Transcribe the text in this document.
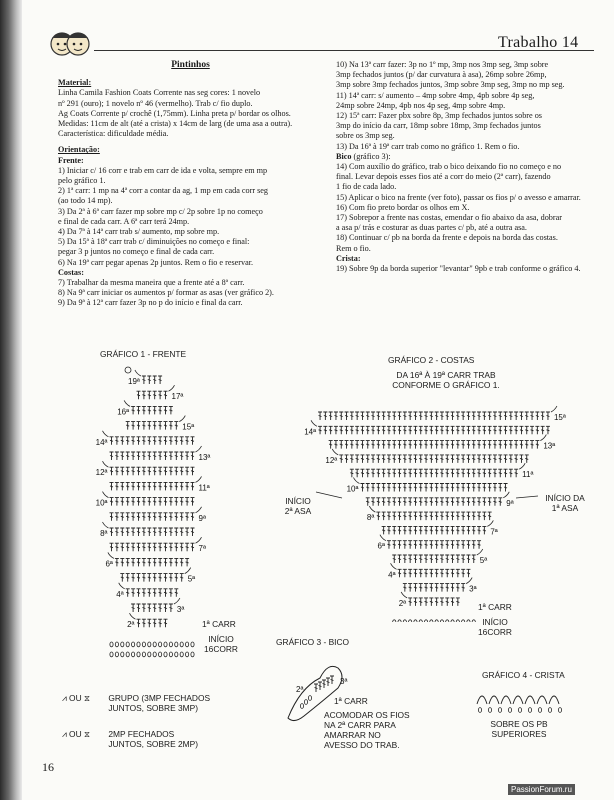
Trabalho 14

Pintinhos

Material:

Linha Camila Fashion Coats Corrente nas seg cores: 1 novelo

nº 291 (ouro); 1 novelo nº 46 (vermelho). Trab c/ fio duplo.

Ag Coats Corrente p/ crochê (1,75mm). Linha preta p/ bordar os olhos.

Medidas: 11cm de alt (até a crista) x 14cm de larg (de uma asa a outra).

Característica: dificuldade média.

Orientação:

Frente:

1) Iniciar c/ 16 corr e trab em carr de ida e volta, sempre em mp

pelo gráfico 1.

2) 1ª carr: 1 mp na 4ª corr a contar da ag, 1 mp em cada corr seg

(ao todo 14 mp).

3) Da 2ª à 6ª carr fazer mp sobre mp c/ 2p sobre 1p no começo

e final de cada carr. A 6ª carr terá 24mp.

4) Da 7ª à 14ª carr trab s/ aumento, mp sobre mp.

5) Da 15ª à 18ª carr trab c/ diminuições no começo e final:

pegar 3 p juntos no começo e final de cada carr.

6) Na 19ª carr pegar apenas 2p juntos. Rem o fio e reservar.

Costas:

7) Trabalhar da mesma maneira que a frente até a 8ª carr.

8) Na 9ª carr iniciar os aumentos p/ formar as asas (ver gráfico 2).

9) Da 9ª à 12ª carr fazer 3p no p do início e final da carr.

10) Na 13ª carr fazer: 3p no 1º mp, 3mp nos 3mp seg, 3mp sobre

3mp fechados juntos (p/ dar curvatura à asa), 26mp sobre 26mp,

3mp sobre 3mp fechados juntos, 3mp sobre 3mp seg, 3mp no mp seg.

11) 14ª carr: s/ aumento – 4mp sobre 4mp, 4pb sobre 4p seg,

24mp sobre 24mp, 4pb nos 4p seg, 4mp sobre 4mp.

12) 15ª carr: Fazer pbx sobre 8p, 3mp fechados juntos sobre os

3mp do início da carr, 18mp sobre 18mp, 3mp fechados juntos

sobre os 3mp seg.

13) Da 16ª à 19ª carr trab como no gráfico 1. Rem o fio.

Bico (gráfico 3):

14) Com auxílio do gráfico, trab o bico deixando fio no começo e no

final. Levar depois esses fios até a corr do meio (2ª carr), fazendo

1 fio de cada lado.

15) Aplicar o bico na frente (ver foto), passar os fios p/ o avesso e amarrar.

16) Com fio preto bordar os olhos em X.

17) Sobrepor a frente nas costas, emendar o fio abaixo da asa, dobrar

a asa p/ trás e costurar as duas partes c/ pb, até a outra asa.

18) Continuar c/ pb na borda da frente e depois na borda das costas.

Rem o fio.

Crista:

19) Sobre 9p da borda superior "levantar" 9pb e trab conforme o gráfico 4.

GRÁFICO 1 - FRENTE
GRÁFICO 2 - COSTAS
DA 16ª À 19ª CARR TRAB
CONFORME O GRÁFICO 1.
19ª
17ª
16ª
15ª
14ª
13ª
12ª
11ª
10ª
9ª
8ª
7ª
6ª
5ª
4ª
3ª
2ª	1ª CARR
INÍCIO
16CORR
15ª
14ª
13ª
12ª
11ª
10ª
9ª
8ª
7ª
6ª
5ª
4ª
3ª
2ª	1ª CARR
INÍCIO
16CORR
INÍCIO
2ª ASA
INÍCIO DA
1ª ASA
GRÁFICO 3 - BICO
2ª
3ª
1ª CARR
ACOMODAR OS FIOS
NA 2ª CARR PARA
AMARRAR NO
AVESSO DO TRAB.
GRÁFICO 4 - CRISTA
SOBRE OS PB
SUPERIORES
⩘ OU ⧖ GRUPO (3MP FECHADOS
JUNTOS, SOBRE 3MP)
⩘ OU ⧖ 2MP FECHADOS
JUNTOS, SOBRE 2MP)
16
PassionForum.ru
